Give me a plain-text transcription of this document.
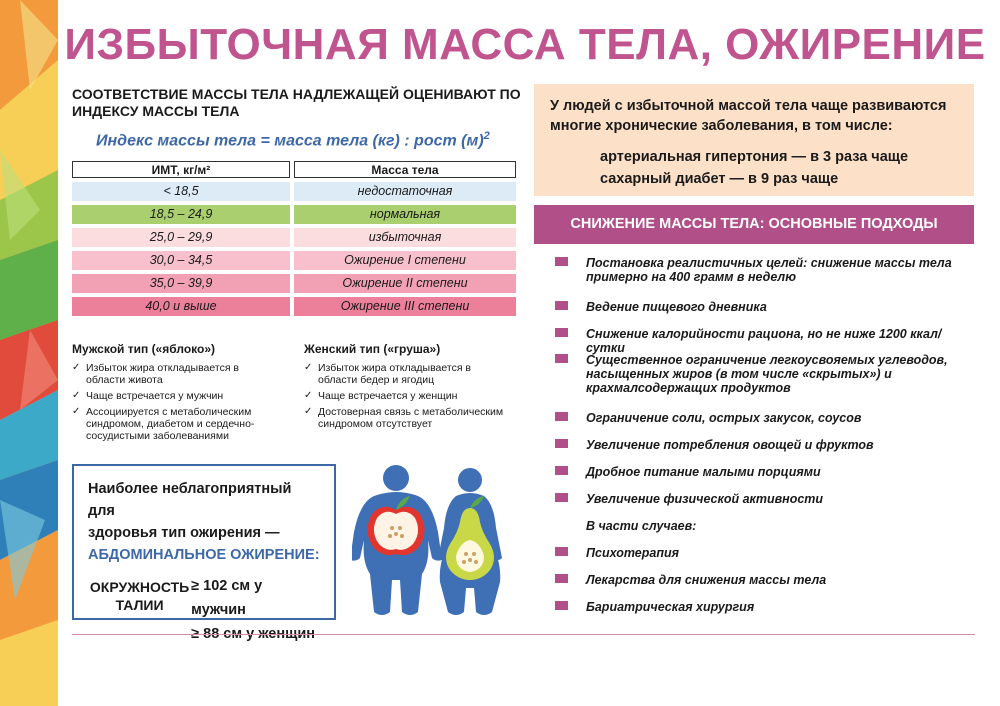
ИЗБЫТОЧНАЯ МАССА ТЕЛА, ОЖИРЕНИЕ
СООТВЕТСТВИЕ МАССЫ ТЕЛА НАДЛЕЖАЩЕЙ ОЦЕНИВАЮТ ПО ИНДЕКСУ МАССЫ ТЕЛА
Индекс массы тела = масса тела (кг) : рост $(м)^2$
ИМТ, кг/м²	Масса тела
< 18,5	недостаточная
18,5 – 24,9	нормальная
25,0 – 29,9	избыточная
30,0 – 34,5	Ожирение I степени
35,0 – 39,9	Ожирение II степени
40,0 и выше	Ожирение III степени
Мужской тип («яблоко»)
✓ Избыток жира откладывается в области живота
✓ Чаще встречается у мужчин
✓ Ассоциируется с метаболическим синдромом, диабетом и сердечно-сосудистыми заболеваниями
Женский тип («груша»)
✓ Избыток жира откладывается в области бедер и ягодиц
✓ Чаще встречается у женщин
✓ Достоверная связь с метаболическим синдромом отсутствует
Наиболее неблагоприятный для
здоровья тип ожирения —
АБДОМИНАЛЬНОЕ ОЖИРЕНИЕ:
ОКРУЖНОСТЬ ТАЛИИ
≥ 102 см у мужчин
≥ 88 см у женщин
У людей с избыточной массой тела чаще развиваются многие хронические заболевания, в том числе:
артериальная гипертония — в 3 раза чаще
сахарный диабет — в 9 раз чаще
СНИЖЕНИЕ МАССЫ ТЕЛА: ОСНОВНЫЕ ПОДХОДЫ
Постановка реалистичных целей: снижение массы тела примерно на 400 грамм в неделю
Ведение пищевого дневника
Снижение калорийности рациона, но не ниже 1200 ккал/сутки
Существенное ограничение легкоусвояемых углеводов, насыщенных жиров (в том числе «скрытых») и крахмалсодержащих продуктов
Ограничение соли, острых закусок, соусов
Увеличение потребления овощей и фруктов
Дробное питание малыми порциями
Увеличение физической активности
В части случаев:
Психотерапия
Лекарства для снижения массы тела
Бариатрическая хирургия
